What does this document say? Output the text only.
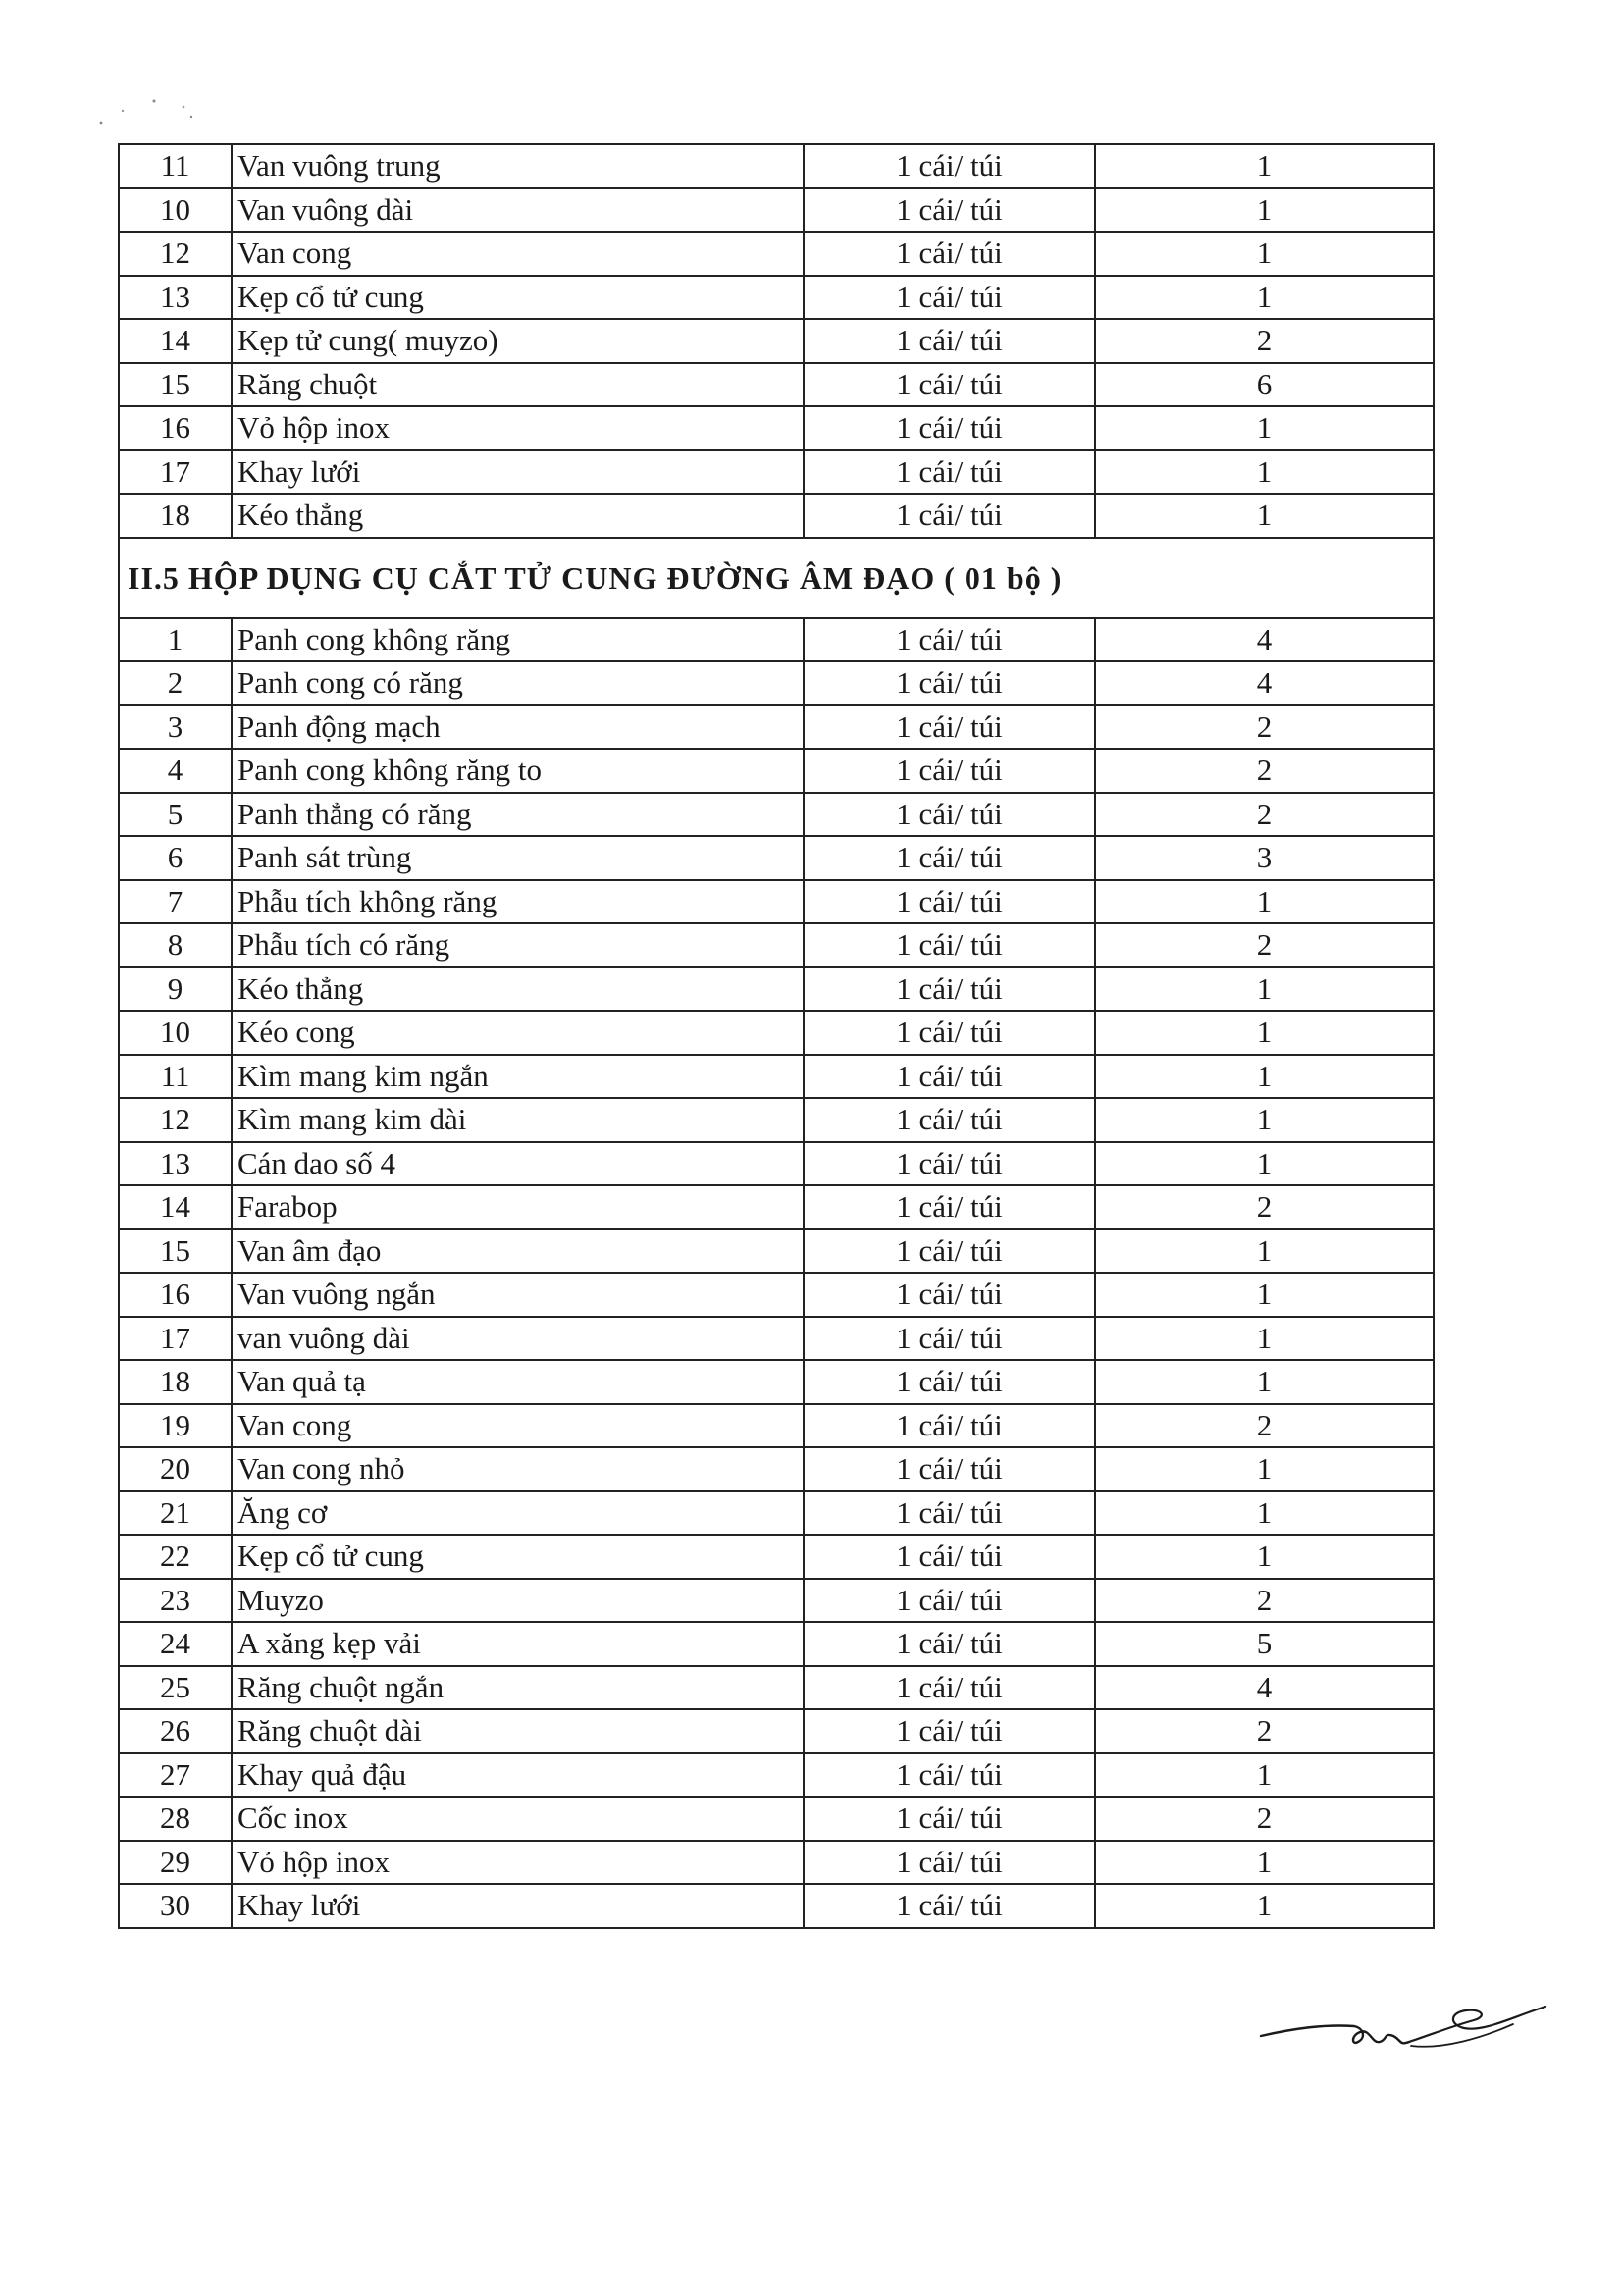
11	Van vuông trung	1 cái/ túi	1
10	Van vuông dài	1 cái/ túi	1
12	Van cong	1 cái/ túi	1
13	Kẹp cổ tử cung	1 cái/ túi	1
14	Kẹp tử cung( muyzo)	1 cái/ túi	2
15	Răng chuột	1 cái/ túi	6
16	Vỏ hộp inox	1 cái/ túi	1
17	Khay lưới	1 cái/ túi	1
18	Kéo thẳng	1 cái/ túi	1
II.5 HỘP DỤNG CỤ CẮT TỬ CUNG ĐƯỜNG ÂM ĐẠO ( 01 bộ )			
1	Panh cong không răng	1 cái/ túi	4
2	Panh cong có răng	1 cái/ túi	4
3	Panh động mạch	1 cái/ túi	2
4	Panh cong không răng to	1 cái/ túi	2
5	Panh thẳng có răng	1 cái/ túi	2
6	Panh sát trùng	1 cái/ túi	3
7	Phẫu tích không răng	1 cái/ túi	1
8	Phẫu tích có răng	1 cái/ túi	2
9	Kéo thẳng	1 cái/ túi	1
10	Kéo cong	1 cái/ túi	1
11	Kìm mang kim ngắn	1 cái/ túi	1
12	Kìm mang kim dài	1 cái/ túi	1
13	Cán dao số 4	1 cái/ túi	1
14	Farabop	1 cái/ túi	2
15	Van âm đạo	1 cái/ túi	1
16	Van vuông ngắn	1 cái/ túi	1
17	van vuông dài	1 cái/ túi	1
18	Van quả tạ	1 cái/ túi	1
19	Van cong	1 cái/ túi	2
20	Van cong nhỏ	1 cái/ túi	1
21	Ăng cơ	1 cái/ túi	1
22	Kẹp cổ tử cung	1 cái/ túi	1
23	Muyzo	1 cái/ túi	2
24	A xăng kẹp vải	1 cái/ túi	5
25	Răng chuột ngắn	1 cái/ túi	4
26	Răng chuột dài	1 cái/ túi	2
27	Khay quả đậu	1 cái/ túi	1
28	Cốc inox	1 cái/ túi	2
29	Vỏ hộp inox	1 cái/ túi	1
30	Khay lưới	1 cái/ túi	1
